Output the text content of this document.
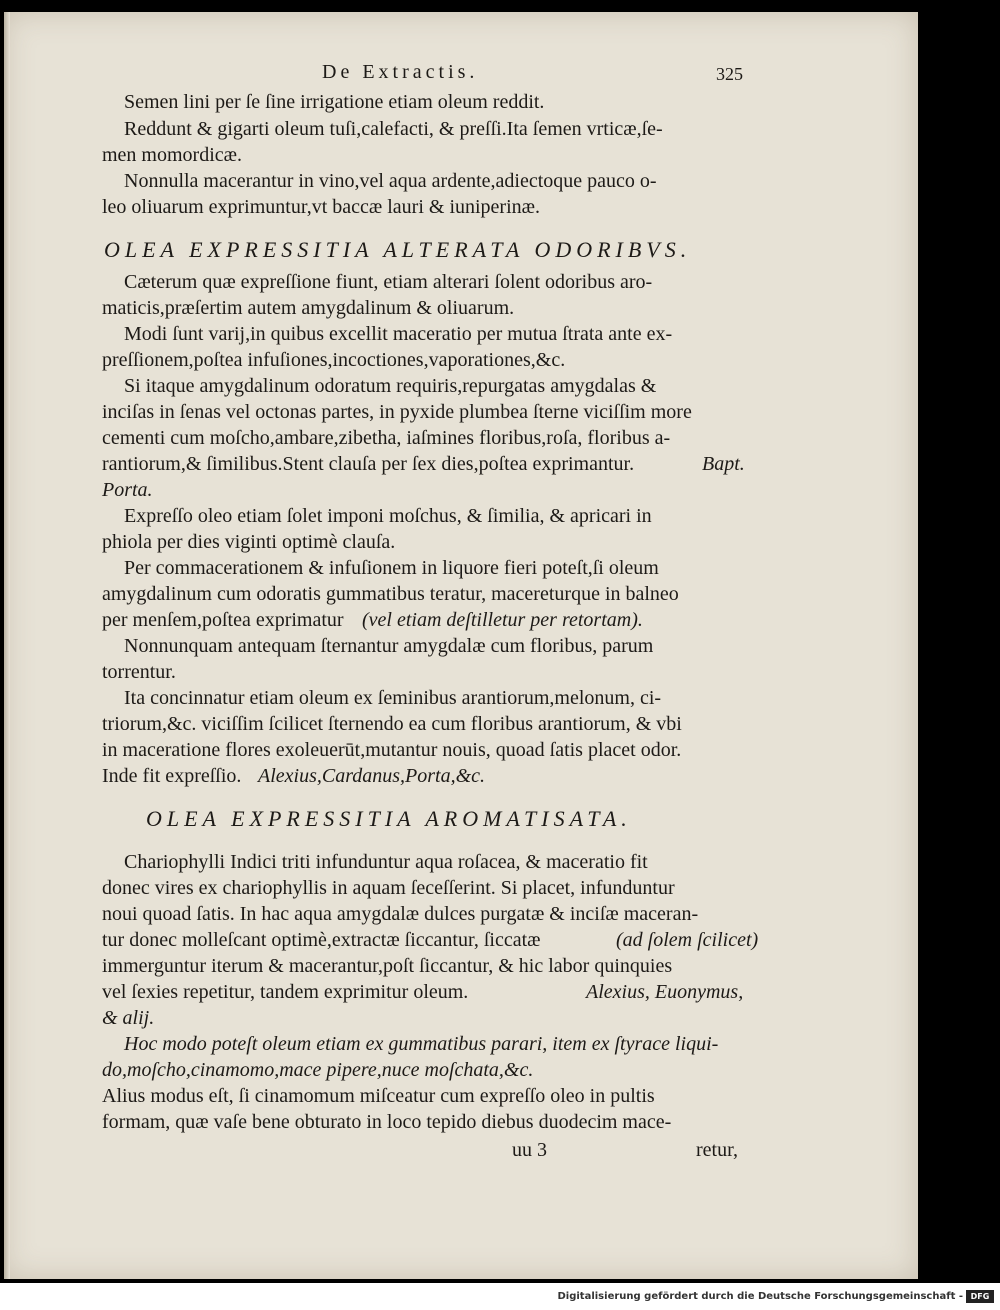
De Extractis.	325

Semen lini per ſe ſine irrigatione etiam oleum reddit.

Reddunt & gigarti oleum tuſi,calefacti, & preſſi.Ita ſemen vrticæ,ſe-

men momordicæ.

Nonnulla macerantur in vino,vel aqua ardente,adiectoque pauco o-

leo oliuarum exprimuntur,vt baccæ lauri & iuniperinæ.

OLEA EXPRESSITIA ALTERATA ODORIBVS.

Cæterum quæ expreſſione fiunt, etiam alterari ſolent odoribus aro-

maticis,præſertim autem amygdalinum & oliuarum.

Modi ſunt varij,in quibus excellit maceratio per mutua ſtrata ante ex-

preſſionem,poſtea infuſiones,incoctiones,vaporationes,&c.

Si itaque amygdalinum odoratum requiris,repurgatas amygdalas &

inciſas in ſenas vel octonas partes, in pyxide plumbea ſterne viciſſim more

cementi cum moſcho,ambare,zibetha, iaſmines floribus,roſa, floribus a-

rantiorum,& ſimilibus.Stent clauſa per ſex dies,poſtea exprimantur.	Bapt.

Porta.

Expreſſo oleo etiam ſolet imponi moſchus, & ſimilia, & apricari in

phiola per dies viginti optimè clauſa.

Per commacerationem & infuſionem in liquore fieri poteſt,ſi oleum

amygdalinum cum odoratis gummatibus teratur, macereturque in balneo

per menſem,poſtea exprimatur (vel etiam deſtilletur per retortam).

Nonnunquam antequam ſternantur amygdalæ cum floribus, parum

torrentur.

Ita concinnatur etiam oleum ex ſeminibus arantiorum,melonum, ci-

triorum,&c. viciſſim ſcilicet ſternendo ea cum floribus arantiorum, & vbi

in maceratione flores exoleuerūt,mutantur nouis, quoad ſatis placet odor.

Inde fit expreſſio. Alexius,Cardanus,Porta,&c.

OLEA EXPRESSITIA AROMATISATA.

Chariophylli Indici triti infunduntur aqua roſacea, & maceratio fit

donec vires ex chariophyllis in aquam ſeceſſerint. Si placet, infunduntur

noui quoad ſatis. In hac aqua amygdalæ dulces purgatæ & inciſæ maceran-

tur donec molleſcant optimè,extractæ ſiccantur, ſiccatæ	(ad ſolem ſcilicet)

immerguntur iterum & macerantur,poſt ſiccantur, & hic labor quinquies

vel ſexies repetitur, tandem exprimitur oleum.	Alexius, Euonymus,

& alij.

Hoc modo poteſt oleum etiam ex gummatibus parari, item ex ſtyrace liqui-

do,moſcho,cinamomo,mace pipere,nuce moſchata,&c.

Alius modus eſt, ſi cinamomum miſceatur cum expreſſo oleo in pultis

formam, quæ vaſe bene obturato in loco tepido diebus duodecim mace-

uu 3	retur,

Digitalisierung gefördert durch die Deutsche Forschungsgemeinschaft - DFG
